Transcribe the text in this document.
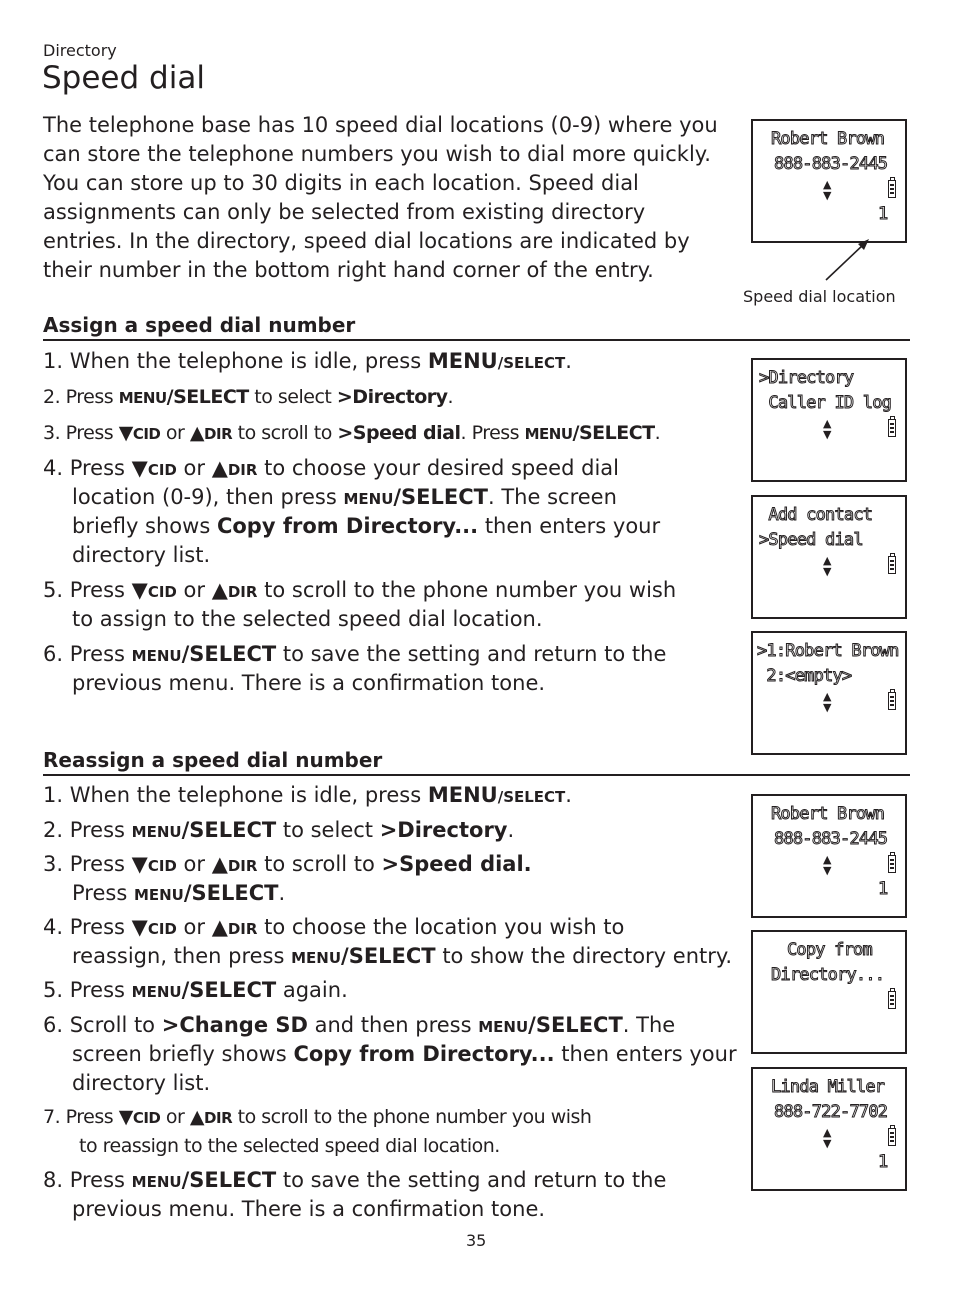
Directory
Speed dial
The telephone base has 10 speed dial locations (0-9) where you can store the telephone numbers you wish to dial more quickly. You can store up to 30 digits in each location. Speed dial assignments can only be selected from existing directory entries. In the directory, speed dial locations are indicated by their number in the bottom right hand corner of the entry.
Robert Brown
888-883-2445
▲
▼
1
Speed dial location
Assign a speed dial number
1. When the telephone is idle, press MENU/SELECT.
2. Press MENU/SELECT to select >Directory.
3. Press ▼CID or ▲DIR to scroll to >Speed dial. Press MENU/SELECT.
4. Press ▼CID or ▲DIR to choose your desired speed dial
location (0-9), then press MENU/SELECT. The screen
briefly shows Copy from Directory... then enters your
directory list.
5. Press ▼CID or ▲DIR to scroll to the phone number you wish
to assign to the selected speed dial location.
6. Press MENU/SELECT to save the setting and return to the
previous menu. There is a confirmation tone.
>Directory
Caller ID log
▲
▼
Add contact
>Speed dial
▲
▼
>1:Robert Brown
2:<empty>
▲
▼
Reassign a speed dial number
1. When the telephone is idle, press MENU/SELECT.
2. Press MENU/SELECT to select >Directory.
3. Press ▼CID or ▲DIR to scroll to >Speed dial.
Press MENU/SELECT.
4. Press ▼CID or ▲DIR to choose the location you wish to
reassign, then press MENU/SELECT to show the directory entry.
5. Press MENU/SELECT again.
6. Scroll to >Change SD and then press MENU/SELECT. The
screen briefly shows Copy from Directory... then enters your
directory list.
7. Press ▼CID or ▲DIR to scroll to the phone number you wish
to reassign to the selected speed dial location.
8. Press MENU/SELECT to save the setting and return to the
previous menu. There is a confirmation tone.
Robert Brown
888-883-2445
▲
▼
1
Copy from
Directory...
Linda Miller
888-722-7702
▲
▼
1
35
